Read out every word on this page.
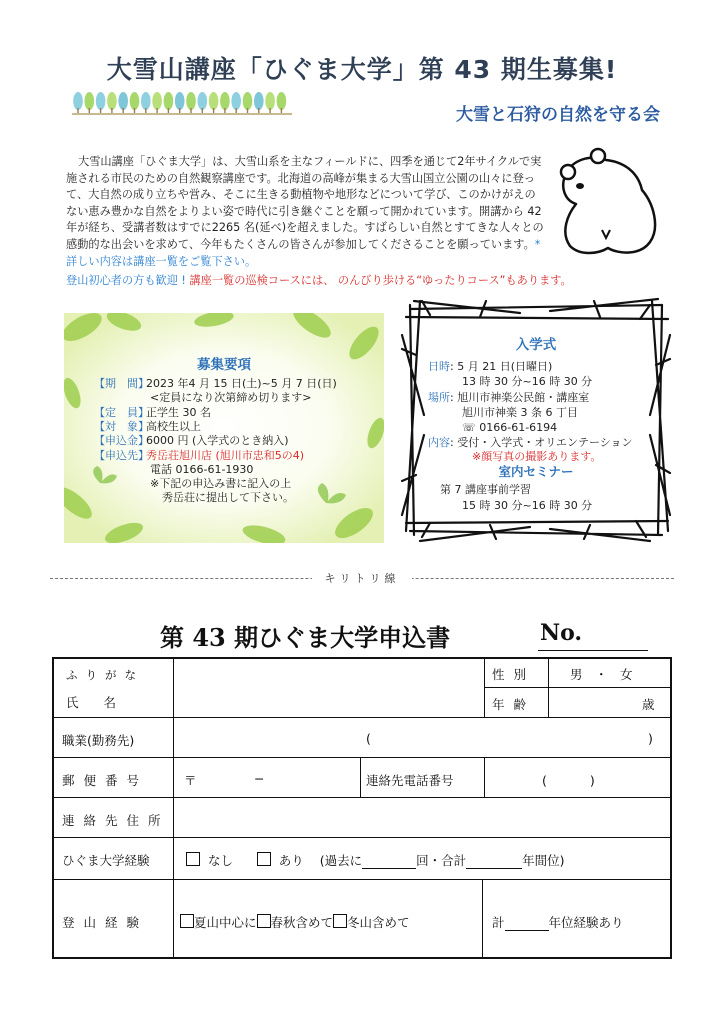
大雪山講座「ひぐま大学」第 43 期生募集!
大雪と石狩の自然を守る会
大雪山講座「ひぐま大学」は、大雪山系を主なフィールドに、四季を通じて2年サイクルで実施される市民のための自然観察講座です。北海道の高峰が集まる大雪山国立公園の山々に登って、大自然の成り立ちや営み、そこに生きる動植物や地形などについて学び、このかけがえのない恵み豊かな自然をよりよい姿で時代に引き継ぐことを願って開かれています。開講から 42 年が経ち、受講者数はすでに2265 名(延べ)を超えました。すばらしい自然とすてきな人々との感動的な出会いを求めて、今年もたくさんの皆さんが参加してくださることを願っています。* 詳しい内容は講座一覧をご覧下さい。
登山初心者の方も歓迎 ! 講座一覧の巡検コースには、 のんびり歩ける“ゆったりコース”もあります。
募集要項
【期　間】2023 年4 月 15 日(土)~5 月 7 日(日)
<定員になり次第締め切ります>
【定　員】正学生 30 名
【対　象】高校生以上
【申込金】6000 円 (入学式のとき納入)
【申込先】秀岳荘旭川店 (旭川市忠和5の4)
電話 0166-61-1930
※下記の申込み書に記入の上
秀岳荘に提出して下さい。
入学式
日時: 5 月 21 日(日曜日)
13 時 30 分~16 時 30 分
場所: 旭川市神楽公民館・講座室
旭川市神楽 3 条 6 丁目
☏ 0166-61-6194
内容: 受付・入学式・オリエンテーション
※顔写真の撮影あります。
室内セミナー
第 7 講座事前学習
15 時 30 分~16 時 30 分
キリトリ線
第 43 期ひぐま大学申込書	No.
ふりがな
氏　　名
性別	男　・　女
年齢	歳
職業(勤務先)	(	)
郵便番号	〒	−	連絡先電話番号	(　　)
連絡先住所
ひぐま大学経験	なし	あり (過去に	回・合計	年間位)
登山経験	夏山中心に 春秋含めて 冬山含めて	計	年位経験あり
